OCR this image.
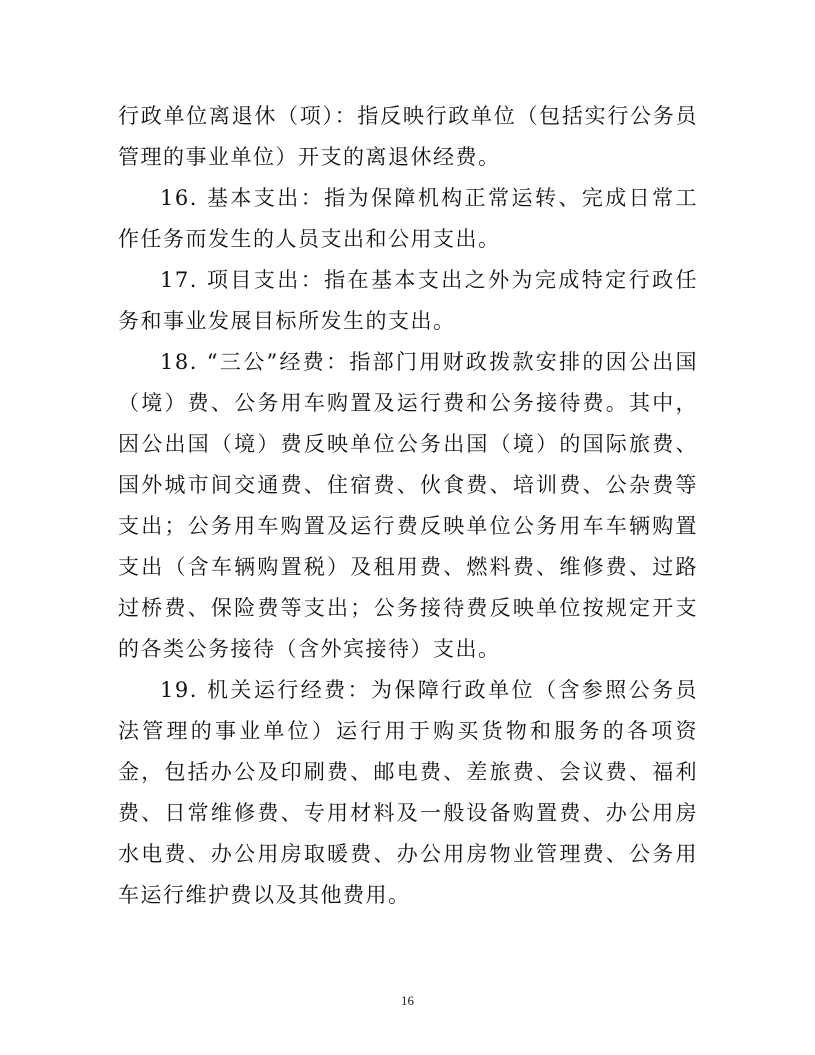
行政单位离退休（项）：指反映行政单位（包括实行公务员管理的事业单位）开支的离退休经费。

16. 基本支出：指为保障机构正常运转、完成日常工作任务而发生的人员支出和公用支出。

17. 项目支出：指在基本支出之外为完成特定行政任务和事业发展目标所发生的支出。

18. “三公”经费：指部门用财政拨款安排的因公出国（境）费、公务用车购置及运行费和公务接待费。其中，因公出国（境）费反映单位公务出国（境）的国际旅费、国外城市间交通费、住宿费、伙食费、培训费、公杂费等支出；公务用车购置及运行费反映单位公务用车车辆购置支出（含车辆购置税）及租用费、燃料费、维修费、过路过桥费、保险费等支出；公务接待费反映单位按规定开支的各类公务接待（含外宾接待）支出。

19. 机关运行经费：为保障行政单位（含参照公务员法管理的事业单位）运行用于购买货物和服务的各项资金，包括办公及印刷费、邮电费、差旅费、会议费、福利费、日常维修费、专用材料及一般设备购置费、办公用房水电费、办公用房取暖费、办公用房物业管理费、公务用车运行维护费以及其他费用。

16
